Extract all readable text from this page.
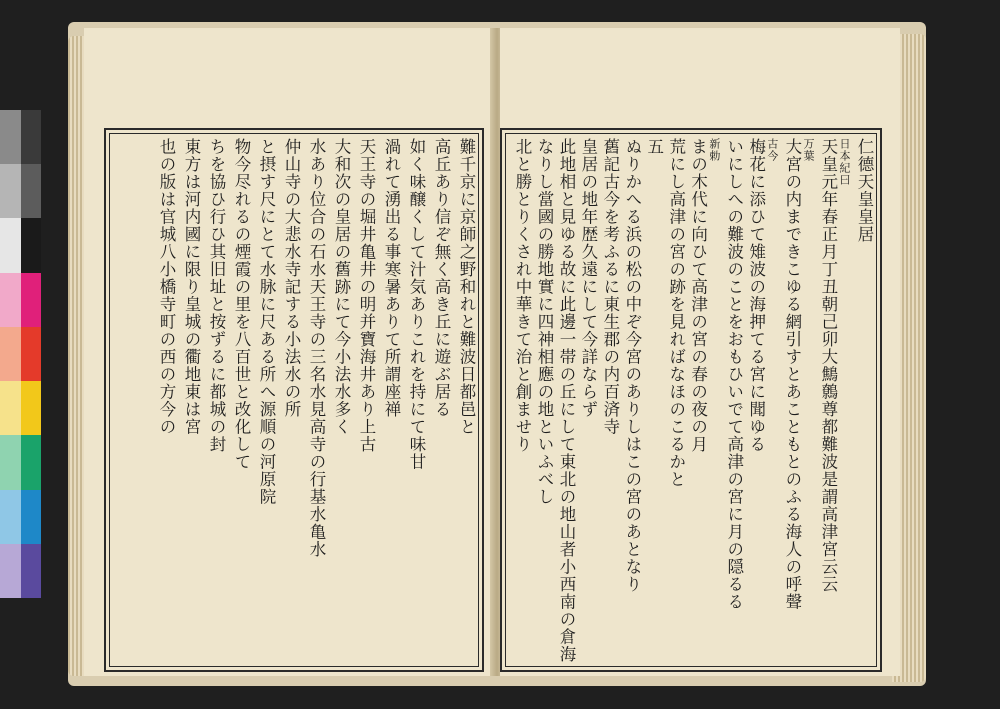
難千京に京師之野和れと難波日都邑と
高丘あり信ぞ無く高き丘に遊ぶ居る
如く味醸くして汁気ありこれを持にて味甘
渦れて湧出る事寒暑ありて所謂座禅
天王寺の堀井亀井の明并寶海井あり上古
大和次の皇居の舊跡にて今小法水多く
水あり位合の石水天王寺の三名水見高寺の行基水亀水
仲山寺の大悲水寺記する小法水の所
と摂す尺にとて水脉に尺ある所へ源順の河原院
物今尽れるの煙霞の里を八百世と改化して
ちを協ひ行ひ其旧址と按ずるに都城の封
東方は河内國に限り皇城の衢地東は宮
也の版は官城八小橋寺町の西の方今の	仁德天皇皇居
日本紀曰
天皇元年春正月丁丑朝己卯大鷦鷯尊都難波是謂高津宮云云
万葉
大宮の内まできこゆる網引すとあこともとのふる海人の呼聲
古今
梅花に添ひて雉波の海押てる宮に聞ゆる
いにしへの難波のことをおもひいでて高津の宮に月の隠るる
新勅
まの木代に向ひて高津の宮の春の夜の月
荒にし高津の宮の跡を見ればなほのこるかと
五
ぬりかへる浜の松の中ぞ今宮のありしはこの宮のあとなり
舊記古今を考ふるに東生郡の内百済寺
皇居の地年歴久遠にして今詳ならず
此地相と見ゆる故に此邊一帯の丘にして東北の地山者小西南の倉海
なりし當國の勝地實に四神相應の地といふべし
北と勝とりくされ中華きて治と創ませり
